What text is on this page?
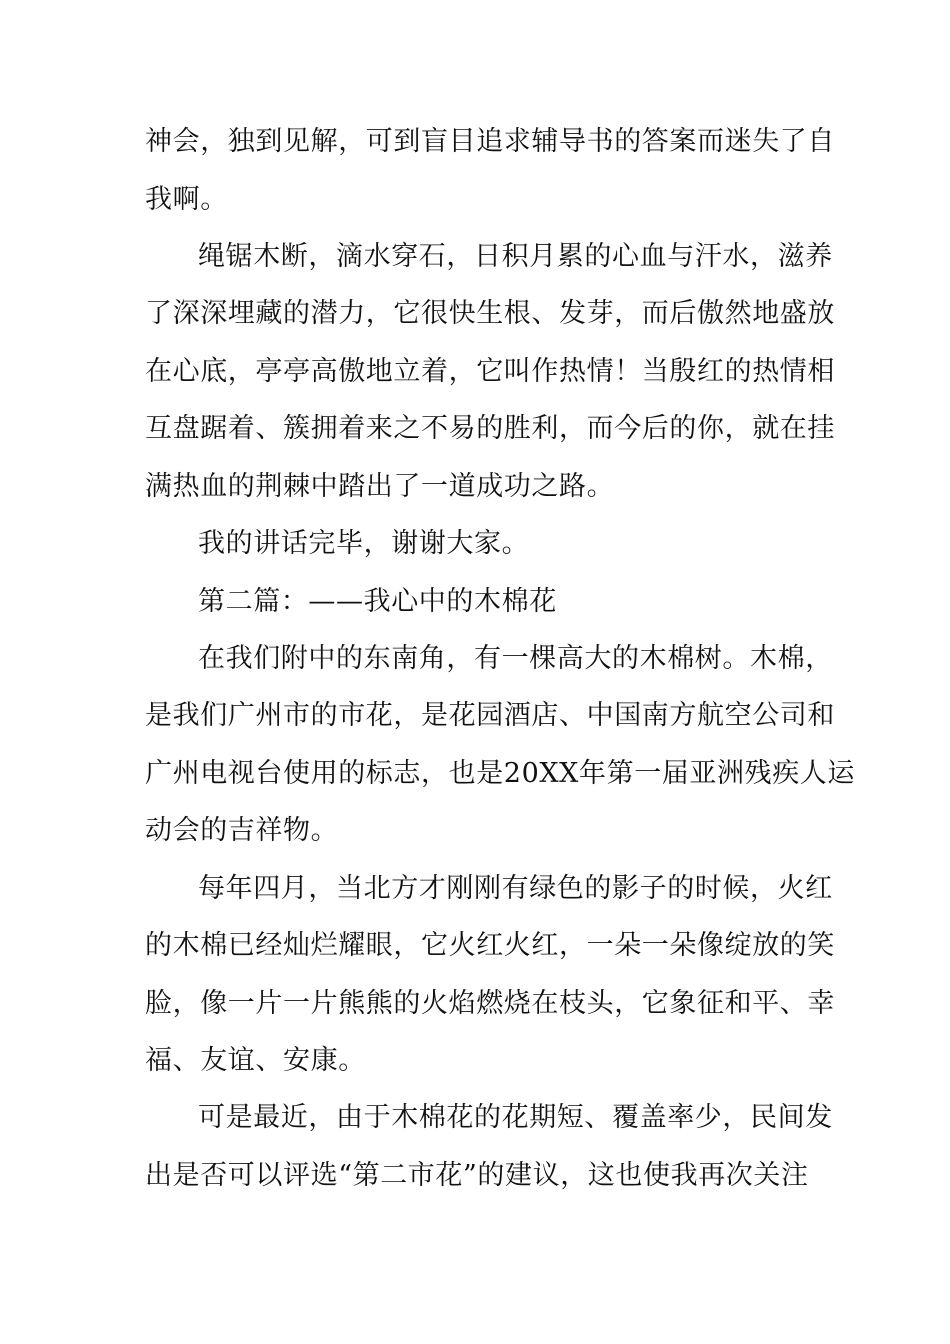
神会，独到见解，可到盲目追求辅导书的答案而迷失了自

我啊。

绳锯木断，滴水穿石，日积月累的心血与汗水，滋养

了深深埋藏的潜力，它很快生根、发芽，而后傲然地盛放

在心底，亭亭高傲地立着，它叫作热情！当殷红的热情相

互盘踞着、簇拥着来之不易的胜利，而今后的你，就在挂

满热血的荆棘中踏出了一道成功之路。

我的讲话完毕，谢谢大家。

第二篇：——我心中的木棉花

在我们附中的东南角，有一棵高大的木棉树。木棉，

是我们广州市的市花，是花园酒店、中国南方航空公司和

广州电视台使用的标志，也是20XX年第一届亚洲残疾人运

动会的吉祥物。

每年四月，当北方才刚刚有绿色的影子的时候，火红

的木棉已经灿烂耀眼，它火红火红，一朵一朵像绽放的笑

脸，像一片一片熊熊的火焰燃烧在枝头，它象征和平、幸

福、友谊、安康。

可是最近，由于木棉花的花期短、覆盖率少，民间发

出是否可以评选“第二市花”的建议，这也使我再次关注
